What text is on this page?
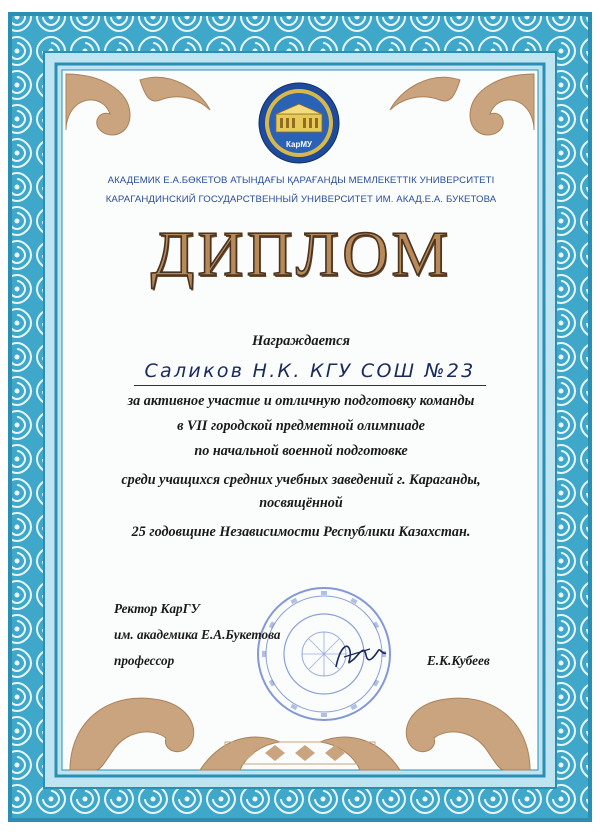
КарМУ
АКАДЕМИК Е.А.БӨКЕТОВ АТЫНДАҒЫ ҚАРАҒАНДЫ МЕМЛЕКЕТТІК УНИВЕРСИТЕТІ
КАРАГАНДИНСКИЙ ГОСУДАРСТВЕННЫЙ УНИВЕРСИТЕТ ИМ. АКАД.Е.А. БУКЕТОВА
ДИПЛОМ
Награждается
Саликов Н.К. КГУ СОШ №23
за активное участие и отличную подготовку команды
в VII городской предметной олимпиаде
по начальной военной подготовке
среди учащихся средних учебных заведений г. Караганды,
посвящённой
25 годовщине Независимости Республики Казахстан.
Ректор КарГУ
им. академика Е.А.Букетова
профессор	Е.К.Кубеев
